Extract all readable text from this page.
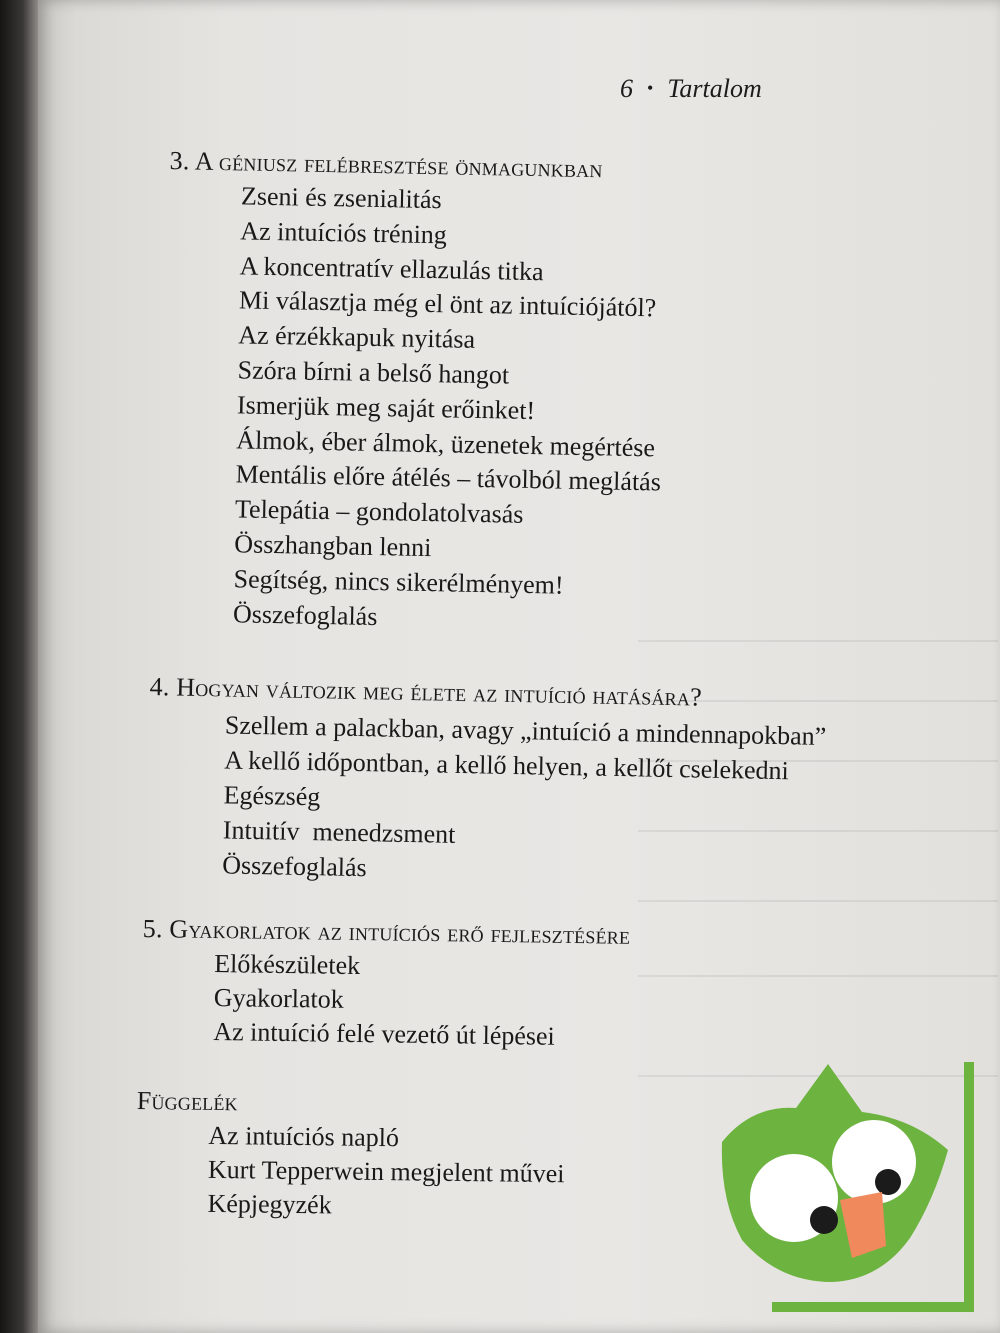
6 • Tartalom
3. A géniusz felébresztése önmagunkban
Zseni és zsenialitás
Az intuíciós tréning
A koncentratív ellazulás titka
Mi választja még el önt az intuíciójától?
Az érzékkapuk nyitása
Szóra bírni a belső hangot
Ismerjük meg saját erőinket!
Álmok, éber álmok, üzenetek megértése
Mentális előre átélés – távolból meglátás
Telepátia – gondolatolvasás
Összhangban lenni
Segítség, nincs sikerélményem!
Összefoglalás
4. Hogyan változik meg élete az intuíció hatására?
Szellem a palackban, avagy „intuíció a mindennapokban”
A kellő időpontban, a kellő helyen, a kellőt cselekedni
Egészség
Intuitív  menedzsment
Összefoglalás
5. Gyakorlatok az intuíciós erő fejlesztésére
Előkészületek
Gyakorlatok
Az intuíció felé vezető út lépései
Függelék
Az intuíciós napló
Kurt Tepperwein megjelent művei
Képjegyzék
